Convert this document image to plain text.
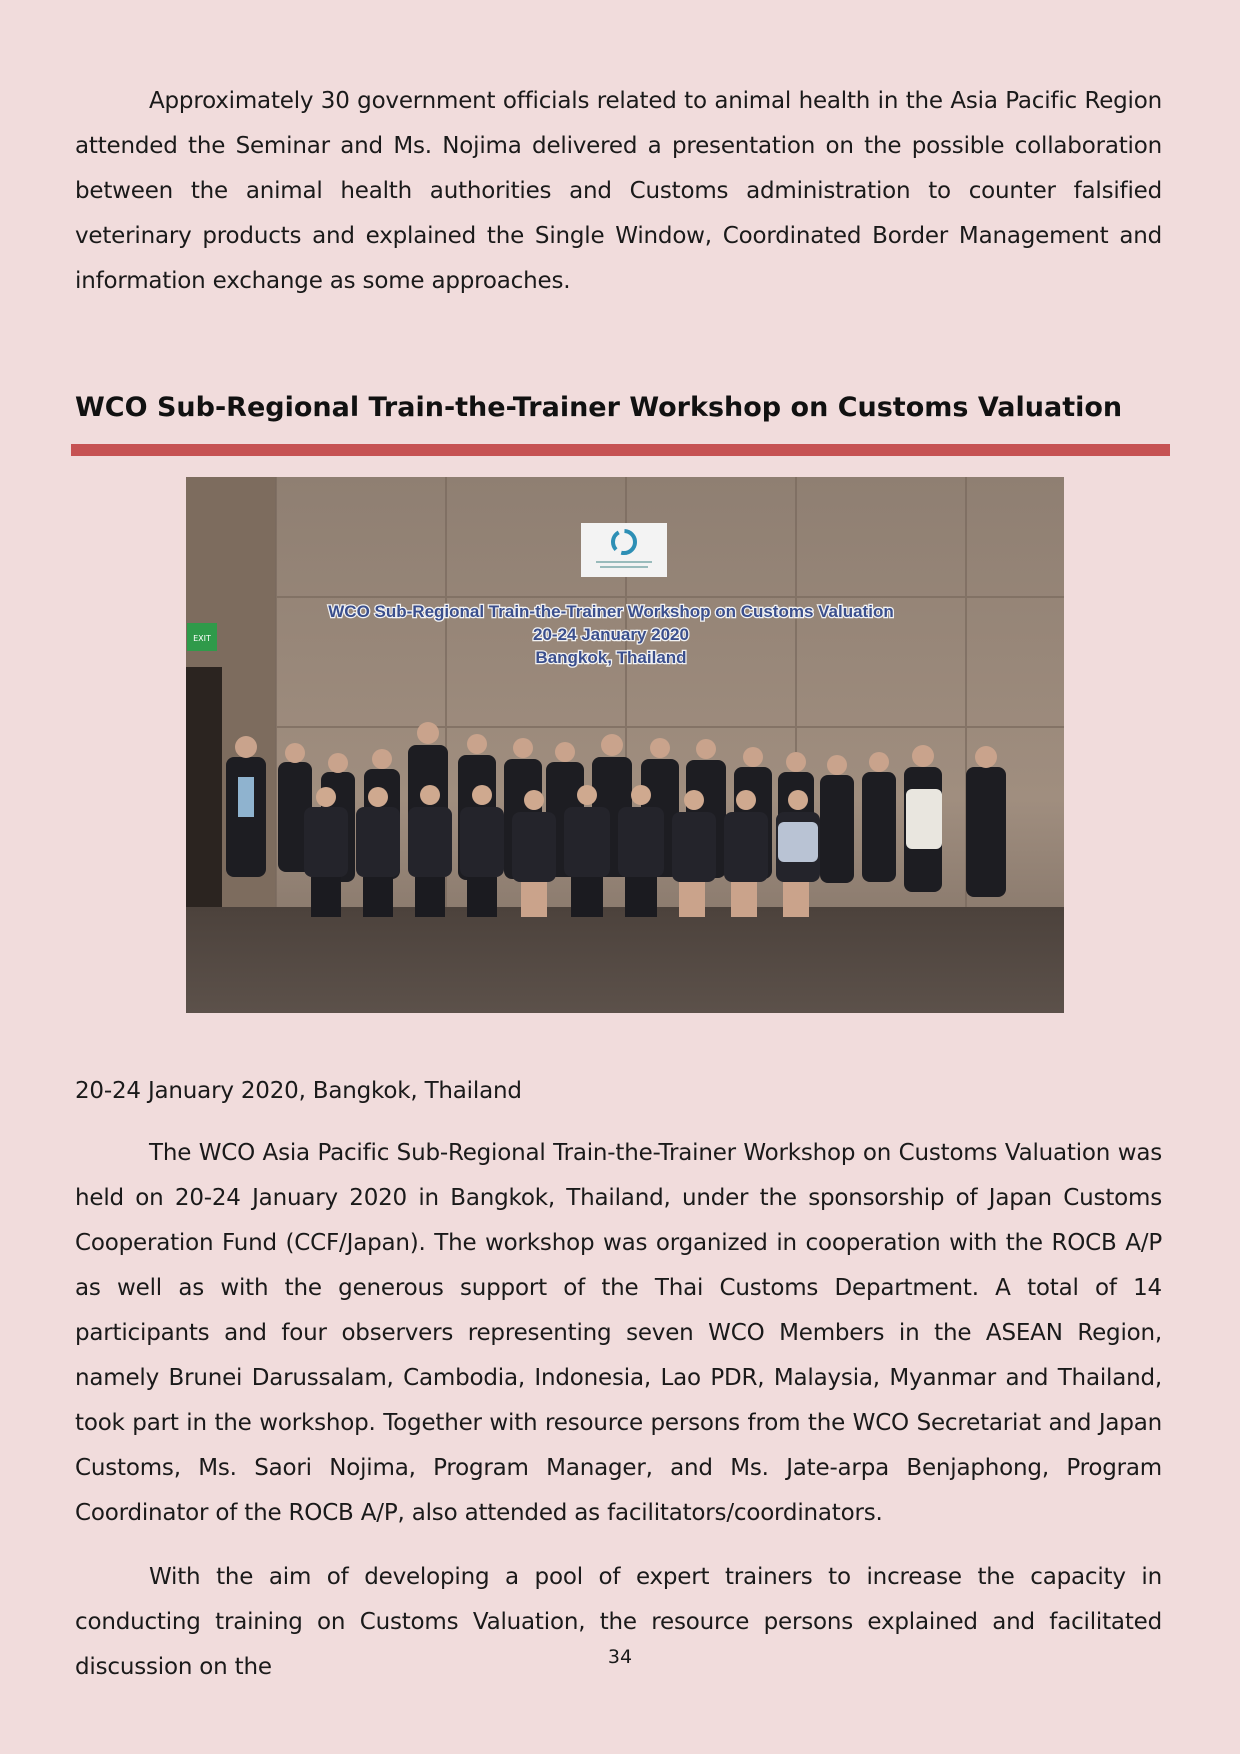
Approximately 30 government officials related to animal health in the Asia Pacific Region attended the Seminar and Ms. Nojima delivered a presentation on the possible collaboration between the animal health authorities and Customs administration to counter falsified veterinary products and explained the Single Window, Coordinated Border Management and information exchange as some approaches.

WCO Sub-Regional Train-the-Trainer Workshop on Customs Valuation
EXIT
WCO Sub-Regional Train-the-Trainer Workshop on Customs Valuation
20-24 January 2020
Bangkok, Thailand

20-24 January 2020, Bangkok, Thailand

The WCO Asia Pacific Sub-Regional Train-the-Trainer Workshop on Customs Valuation was held on 20-24 January 2020 in Bangkok, Thailand, under the sponsorship of Japan Customs Cooperation Fund (CCF/Japan). The workshop was organized in cooperation with the ROCB A/P as well as with the generous support of the Thai Customs Department. A total of 14 participants and four observers representing seven WCO Members in the ASEAN Region, namely Brunei Darussalam, Cambodia, Indonesia, Lao PDR, Malaysia, Myanmar and Thailand, took part in the workshop. Together with resource persons from the WCO Secretariat and Japan Customs, Ms. Saori Nojima, Program Manager, and Ms. Jate-arpa Benjaphong, Program Coordinator of the ROCB A/P, also attended as facilitators/coordinators.

With the aim of developing a pool of expert trainers to increase the capacity in conducting training on Customs Valuation, the resource persons explained and facilitated discussion on the	34
